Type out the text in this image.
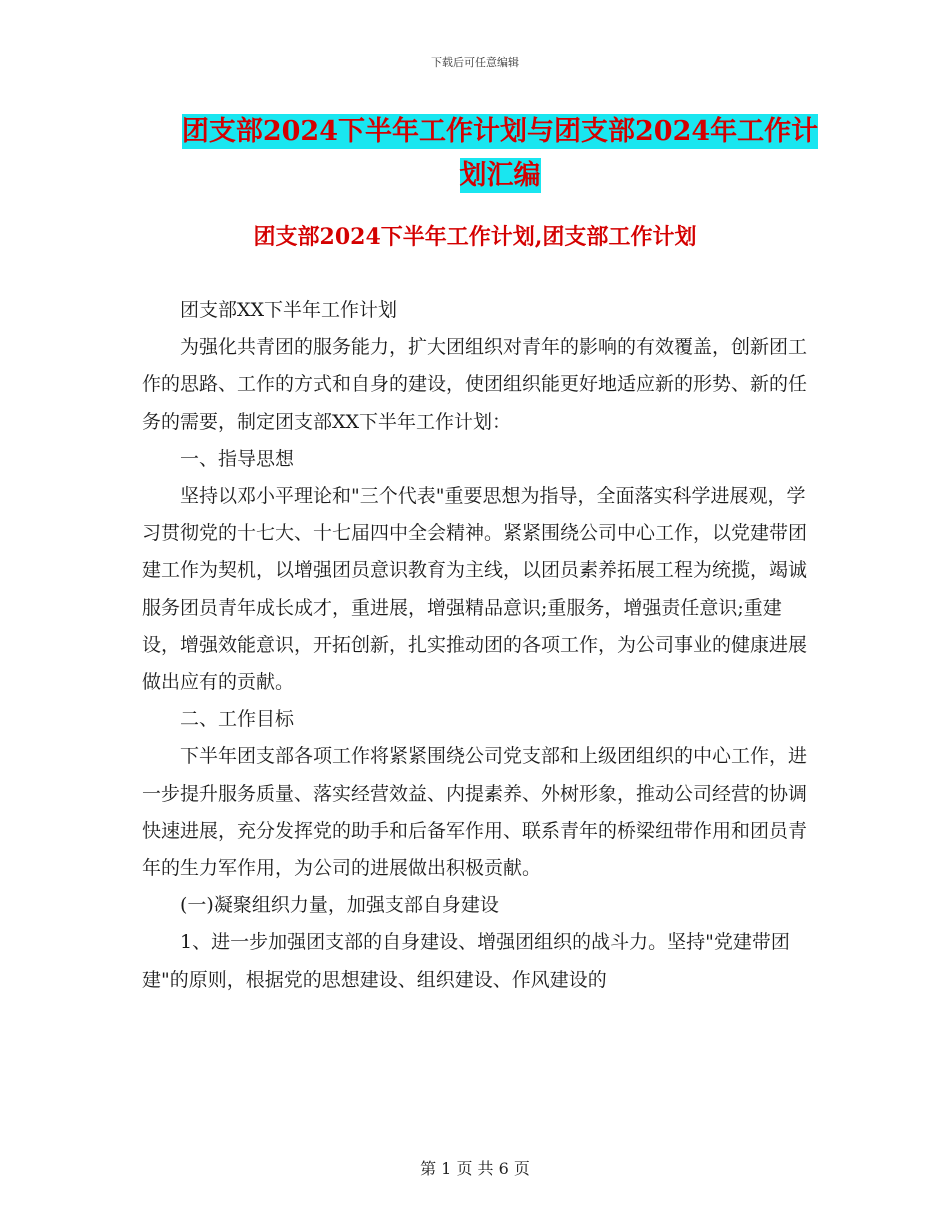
下载后可任意编辑
团支部2024下半年工作计划与团支部2024年工作计
划汇编
团支部2024下半年工作计划,团支部工作计划

团支部XX下半年工作计划

为强化共青团的服务能力，扩大团组织对青年的影响的有效覆盖，创新团工作的思路、工作的方式和自身的建设，使团组织能更好地适应新的形势、新的任务的需要，制定团支部XX下半年工作计划：

一、指导思想

坚持以邓小平理论和"三个代表"重要思想为指导，全面落实科学进展观，学习贯彻党的十七大、十七届四中全会精神。紧紧围绕公司中心工作，以党建带团建工作为契机，以增强团员意识教育为主线，以团员素养拓展工程为统揽，竭诚服务团员青年成长成才，重进展，增强精品意识;重服务，增强责任意识;重建设，增强效能意识，开拓创新，扎实推动团的各项工作，为公司事业的健康进展做出应有的贡献。

二、工作目标

下半年团支部各项工作将紧紧围绕公司党支部和上级团组织的中心工作，进一步提升服务质量、落实经营效益、内提素养、外树形象，推动公司经营的协调快速进展，充分发挥党的助手和后备军作用、联系青年的桥梁纽带作用和团员青年的生力军作用，为公司的进展做出积极贡献。

(一)凝聚组织力量，加强支部自身建设

1、进一步加强团支部的自身建设、增强团组织的战斗力。坚持"党建带团建"的原则，根据党的思想建设、组织建设、作风建设的

第 1 页 共 6 页
